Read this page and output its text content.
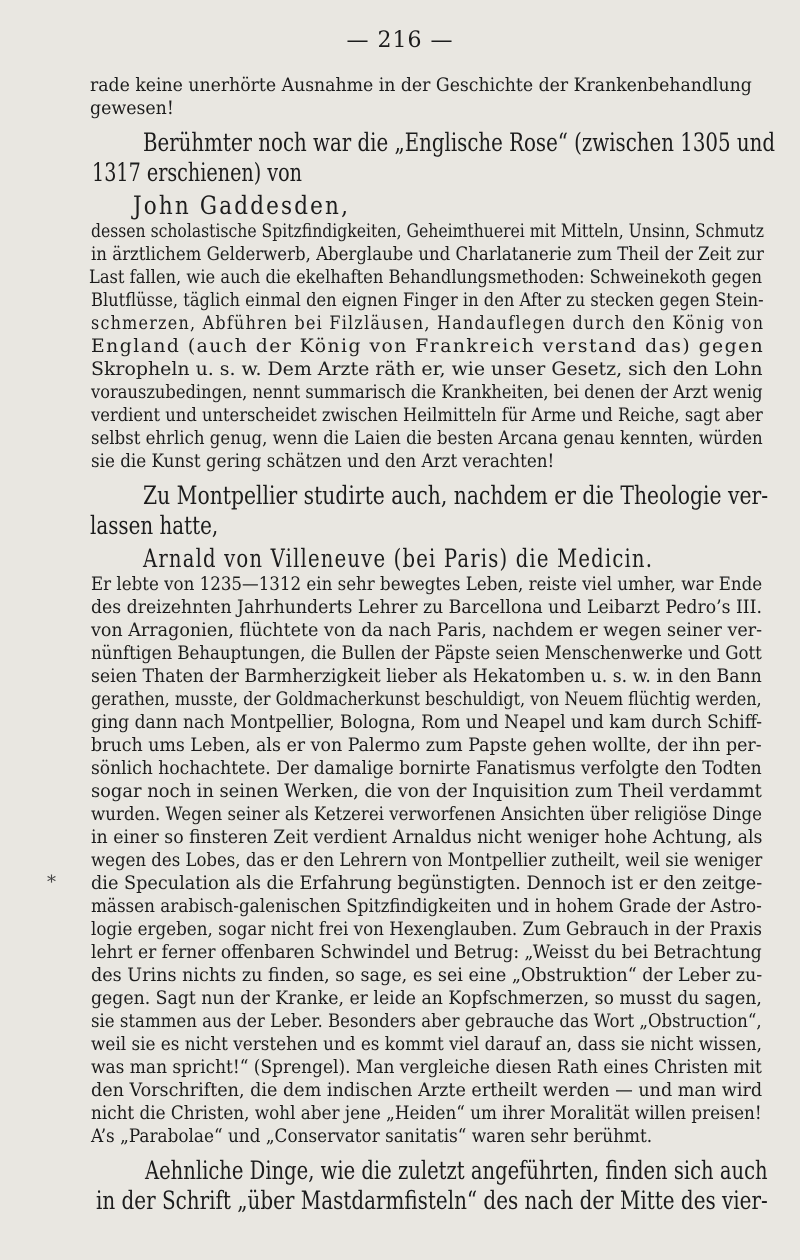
— 216 —
*
rade keine unerhörte Ausnahme in der Geschichte der Krankenbehandlung
gewesen!
Berühmter noch war die „Englische Rose“ (zwischen 1305 und
1317 erschienen) von
John Gaddesden,
dessen scholastische Spitzfindigkeiten, Geheimthuerei mit Mitteln, Unsinn, Schmutz
in ärztlichem Gelderwerb, Aberglaube und Charlatanerie zum Theil der Zeit zur
Last fallen, wie auch die ekelhaften Behandlungsmethoden: Schweinekoth gegen
Blutflüsse, täglich einmal den eignen Finger in den After zu stecken gegen Stein-
schmerzen, Abführen bei Filzläusen, Handauflegen durch den König von
England (auch der König von Frankreich verstand das) gegen
Skropheln u. s. w. Dem Arzte räth er, wie unser Gesetz, sich den Lohn
vorauszubedingen, nennt summarisch die Krankheiten, bei denen der Arzt wenig
verdient und unterscheidet zwischen Heilmitteln für Arme und Reiche, sagt aber
selbst ehrlich genug, wenn die Laien die besten Arcana genau kennten, würden
sie die Kunst gering schätzen und den Arzt verachten!
Zu Montpellier studirte auch, nachdem er die Theologie ver-
lassen hatte,
Arnald von Villeneuve (bei Paris) die Medicin.
Er lebte von 1235—1312 ein sehr bewegtes Leben, reiste viel umher, war Ende
des dreizehnten Jahrhunderts Lehrer zu Barcellona und Leibarzt Pedro’s III.
von Arragonien, flüchtete von da nach Paris, nachdem er wegen seiner ver-
nünftigen Behauptungen, die Bullen der Päpste seien Menschenwerke und Gott
seien Thaten der Barmherzigkeit lieber als Hekatomben u. s. w. in den Bann
gerathen, musste, der Goldmacherkunst beschuldigt, von Neuem flüchtig werden,
ging dann nach Montpellier, Bologna, Rom und Neapel und kam durch Schiff-
bruch ums Leben, als er von Palermo zum Papste gehen wollte, der ihn per-
sönlich hochachtete. Der damalige bornirte Fanatismus verfolgte den Todten
sogar noch in seinen Werken, die von der Inquisition zum Theil verdammt
wurden. Wegen seiner als Ketzerei verworfenen Ansichten über religiöse Dinge
in einer so finsteren Zeit verdient Arnaldus nicht weniger hohe Achtung, als
wegen des Lobes, das er den Lehrern von Montpellier zutheilt, weil sie weniger
die Speculation als die Erfahrung begünstigten. Dennoch ist er den zeitge-
mässen arabisch-galenischen Spitzfindigkeiten und in hohem Grade der Astro-
logie ergeben, sogar nicht frei von Hexenglauben. Zum Gebrauch in der Praxis
lehrt er ferner offenbaren Schwindel und Betrug: „Weisst du bei Betrachtung
des Urins nichts zu finden, so sage, es sei eine „Obstruktion“ der Leber zu-
gegen. Sagt nun der Kranke, er leide an Kopfschmerzen, so musst du sagen,
sie stammen aus der Leber. Besonders aber gebrauche das Wort „Obstruction“,
weil sie es nicht verstehen und es kommt viel darauf an, dass sie nicht wissen,
was man spricht!“ (Sprengel). Man vergleiche diesen Rath eines Christen mit
den Vorschriften, die dem indischen Arzte ertheilt werden — und man wird
nicht die Christen, wohl aber jene „Heiden“ um ihrer Moralität willen preisen!
A’s „Parabolae“ und „Conservator sanitatis“ waren sehr berühmt.
Aehnliche Dinge, wie die zuletzt angeführten, finden sich auch
in der Schrift „über Mastdarmfisteln“ des nach der Mitte des vier-
